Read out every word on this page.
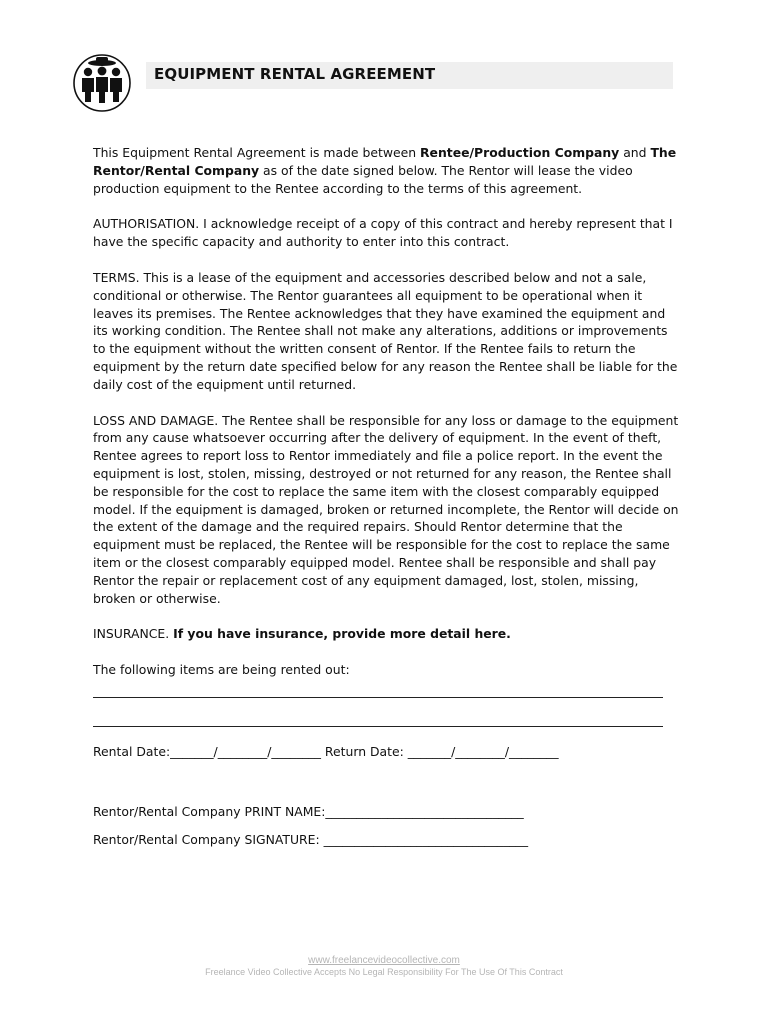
EQUIPMENT RENTAL AGREEMENT

This Equipment Rental Agreement is made between Rentee/Production Company and The Rentor/Rental Company as of the date signed below. The Rentor will lease the video production equipment to the Rentee according to the terms of this agreement.

AUTHORISATION. I acknowledge receipt of a copy of this contract and hereby represent that I have the specific capacity and authority to enter into this contract.

TERMS. This is a lease of the equipment and accessories described below and not a sale, conditional or otherwise. The Rentor guarantees all equipment to be operational when it leaves its premises. The Rentee acknowledges that they have examined the equipment and its working condition. The Rentee shall not make any alterations, additions or improvements to the equipment without the written consent of Rentor. If the Rentee fails to return the equipment by the return date specified below for any reason the Rentee shall be liable for the daily cost of the equipment until returned.

LOSS AND DAMAGE. The Rentee shall be responsible for any loss or damage to the equipment from any cause whatsoever occurring after the delivery of equipment. In the event of theft, Rentee agrees to report loss to Rentor immediately and file a police report. In the event the equipment is lost, stolen, missing, destroyed or not returned for any reason, the Rentee shall be responsible for the cost to replace the same item with the closest comparably equipped model. If the equipment is damaged, broken or returned incomplete, the Rentor will decide on the extent of the damage and the required repairs. Should Rentor determine that the equipment must be replaced, the Rentee will be responsible for the cost to replace the same item or the closest comparably equipped model. Rentee shall be responsible and shall pay Rentor the repair or replacement cost of any equipment damaged, lost, stolen, missing, broken or otherwise.

INSURANCE. If you have insurance, provide more detail here.

The following items are being rented out:

Rental Date:_______/________/________ Return Date: _______/________/________

Rentor/Rental Company PRINT NAME:________________________________

Rentor/Rental Company SIGNATURE: _________________________________

www.freelancevideocollective.com
Freelance Video Collective Accepts No Legal Responsibility For The Use Of This Contract
